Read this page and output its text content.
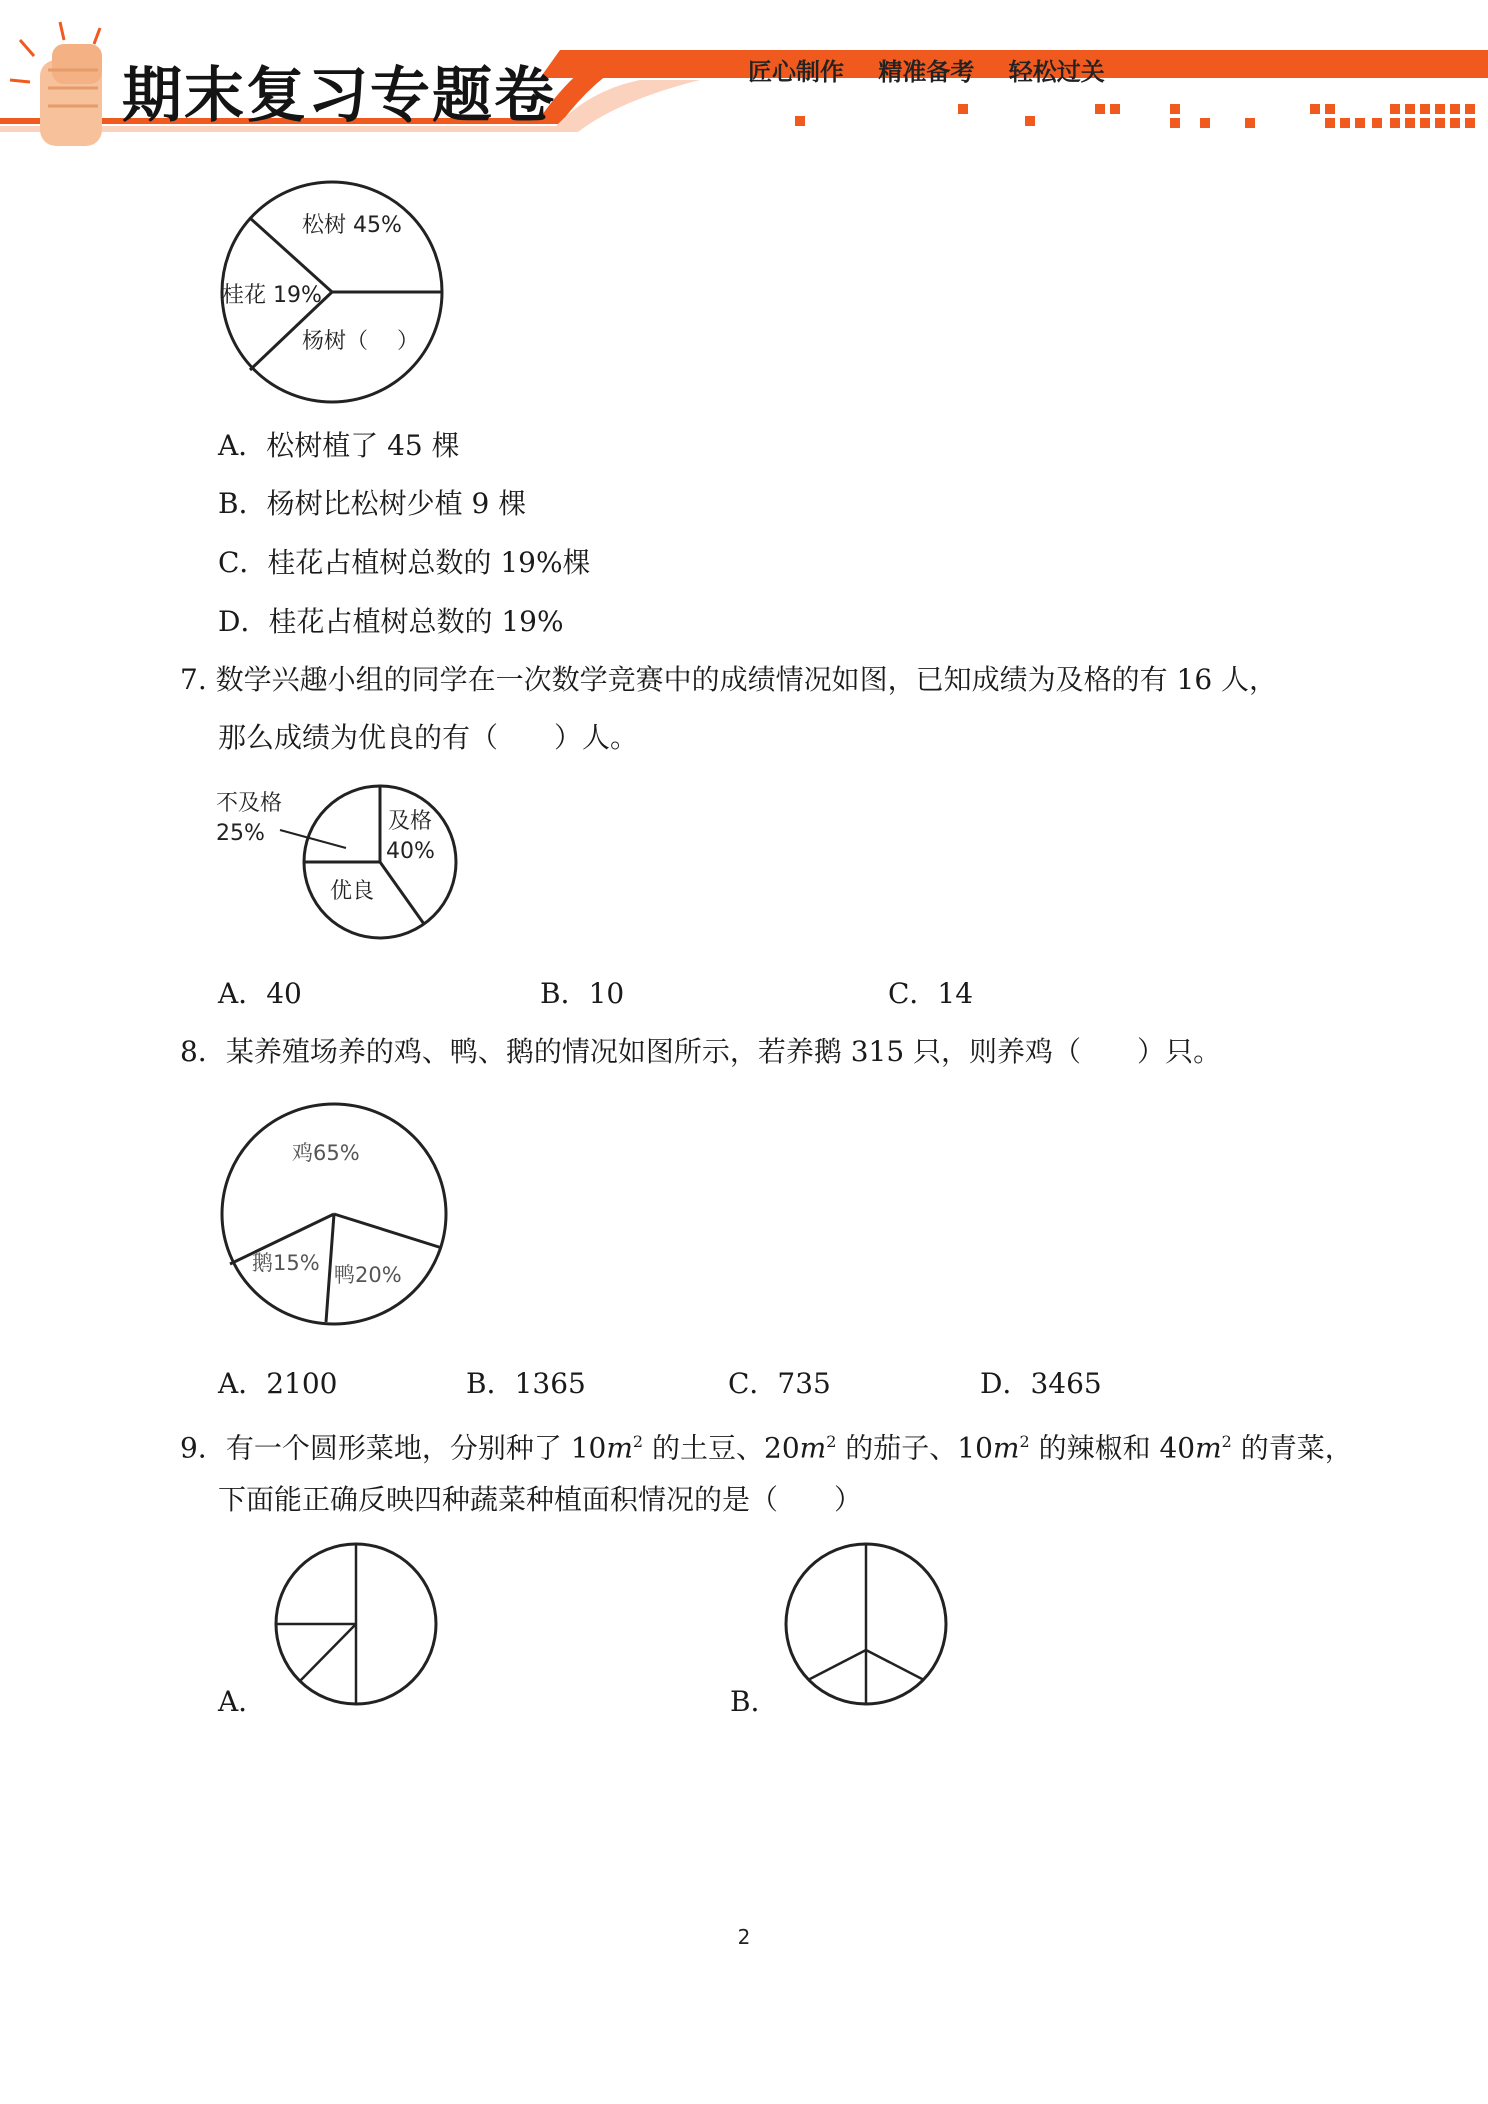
期末复习专题卷	匠心制作 精准备考 轻松过关
松树 45%
桂花 19%
杨树（　 ）
A．松树植了 45 棵
B．杨树比松树少植 9 棵
C．桂花占植树总数的 19%棵
D．桂花占植树总数的 19%
7. 数学兴趣小组的同学在一次数学竞赛中的成绩情况如图，已知成绩为及格的有 16 人，
那么成绩为优良的有（　　）人。
及格
40%
优良
不及格
25%
A．40	B．10	C．14
8．某养殖场养的鸡、鸭、鹅的情况如图所示，若养鹅 315 只，则养鸡（　　）只。
鸡65%
鹅15% 鸭20%
A．2100	B．1365	C．735	D．3465
9．有一个圆形菜地，分别种了 $10m^2$ 的土豆、$20m^2$ 的茄子、$10m^2$ 的辣椒和 $40m^2$ 的青菜，
下面能正确反映四种蔬菜种植面积情况的是（　　）
A．	B．
2
